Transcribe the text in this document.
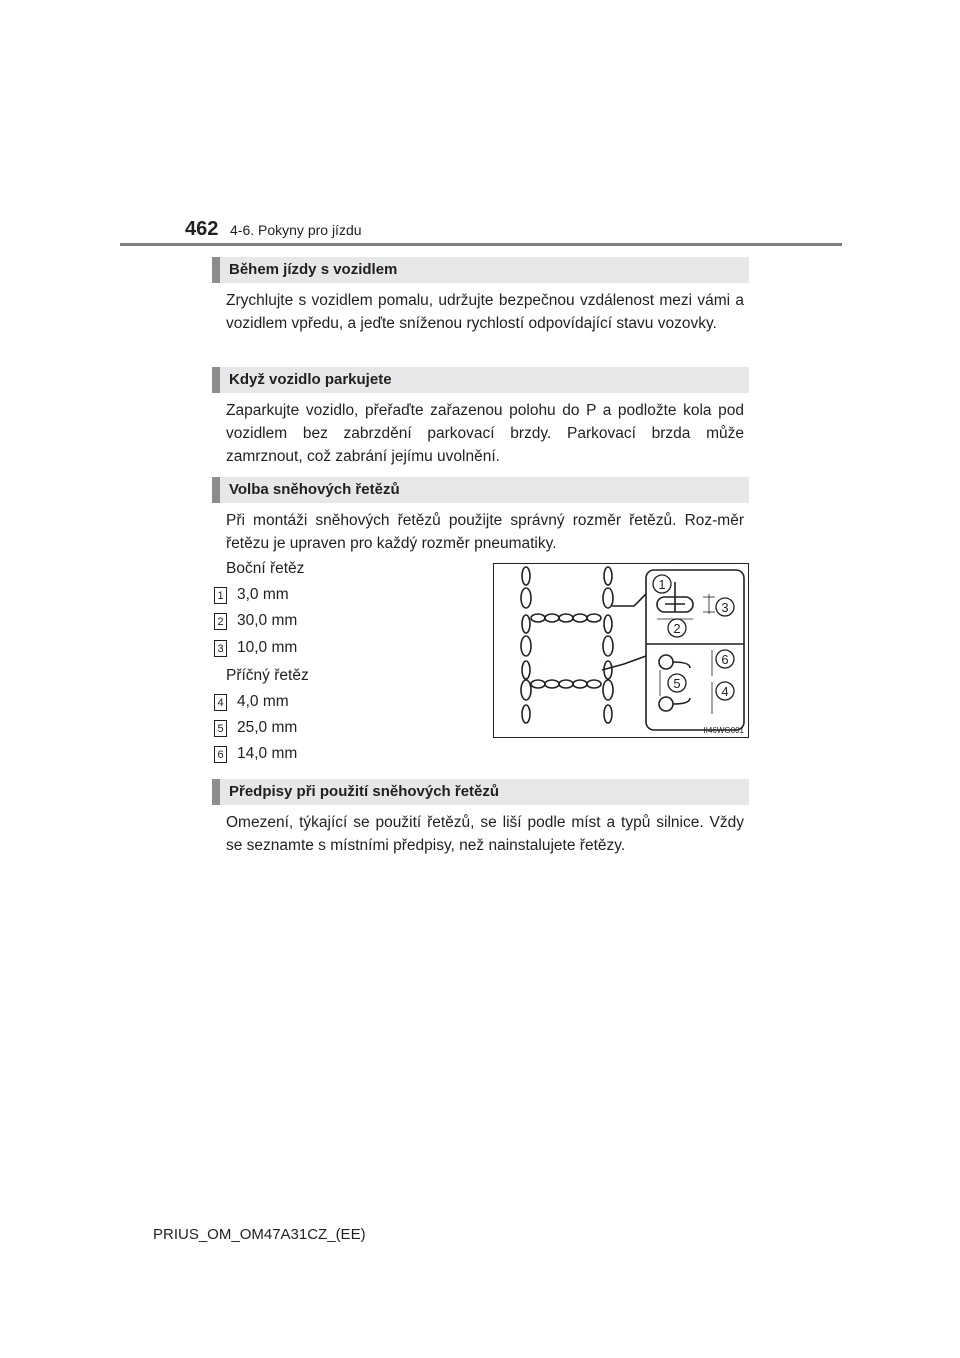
462 4-6. Pokyny pro jízdu
Během jízdy s vozidlem
Zrychlujte s vozidlem pomalu, udržujte bezpečnou vzdálenost mezi vámi a vozidlem vpředu, a jeďte sníženou rychlostí odpovídající stavu vozovky.
Když vozidlo parkujete
Zaparkujte vozidlo, přeřaďte zařazenou polohu do P a podložte kola pod vozidlem bez zabrzdění parkovací brzdy. Parkovací brzda může zamrznout, což zabrání jejímu uvolnění.
Volba sněhových řetězů
Při montáži sněhových řetězů použijte správný rozměr řetězů. Roz-měr řetězu je upraven pro každý rozměr pneumatiky.
Boční řetěz
1 3,0 mm
2 30,0 mm
3 10,0 mm
Příčný řetěz
4 4,0 mm
5 25,0 mm
6 14,0 mm
1
2
3
4
5
6
II46WG001
Předpisy při použití sněhových řetězů
Omezení, týkající se použití řetězů, se liší podle míst a typů silnice. Vždy se seznamte s místními předpisy, než nainstalujete řetězy.
PRIUS_OM_OM47A31CZ_(EE)
